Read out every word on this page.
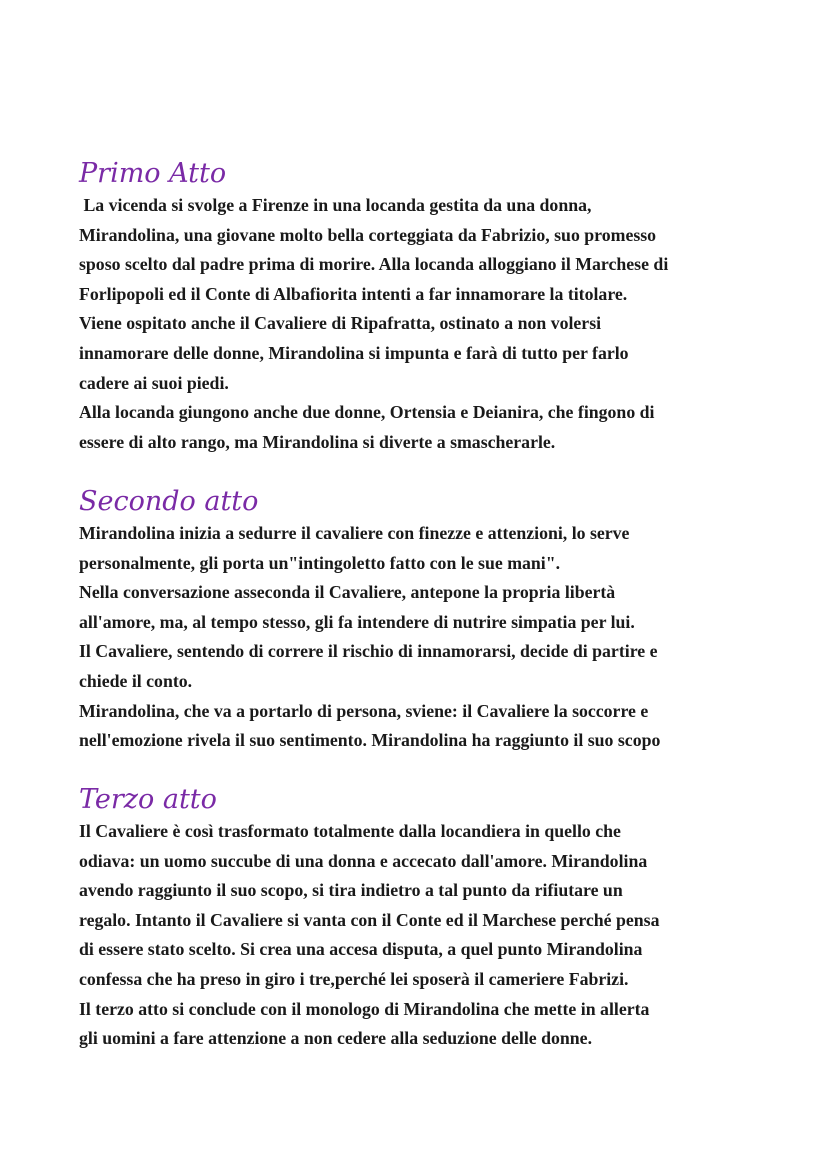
Primo Atto
La vicenda si svolge a Firenze in una locanda gestita da una donna,
Mirandolina, una giovane molto bella corteggiata da Fabrizio, suo promesso
sposo scelto dal padre prima di morire. Alla locanda alloggiano il Marchese di
Forlipopoli ed il Conte di Albafiorita intenti a far innamorare la titolare.
Viene ospitato anche il Cavaliere di Ripafratta, ostinato a non volersi
innamorare delle donne, Mirandolina si impunta e farà di tutto per farlo
cadere ai suoi piedi.
Alla locanda giungono anche due donne, Ortensia e Deianira, che fingono di
essere di alto rango, ma Mirandolina si diverte a smascherarle.
Secondo atto
Mirandolina inizia a sedurre il cavaliere con finezze e attenzioni, lo serve
personalmente, gli porta un"intingoletto fatto con le sue mani".
Nella conversazione asseconda il Cavaliere, antepone la propria libertà
all'amore, ma, al tempo stesso, gli fa intendere di nutrire simpatia per lui.
Il Cavaliere, sentendo di correre il rischio di innamorarsi, decide di partire e
chiede il conto.
Mirandolina, che va a portarlo di persona, sviene: il Cavaliere la soccorre e
nell'emozione rivela il suo sentimento. Mirandolina ha raggiunto il suo scopo
Terzo atto
Il Cavaliere è così trasformato totalmente dalla locandiera in quello che
odiava: un uomo succube di una donna e accecato dall'amore. Mirandolina
avendo raggiunto il suo scopo, si tira indietro a tal punto da rifiutare un
regalo. Intanto il Cavaliere si vanta con il Conte ed il Marchese perché pensa
di essere stato scelto. Si crea una accesa disputa, a quel punto Mirandolina
confessa che ha preso in giro i tre,perché lei sposerà il cameriere Fabrizi.
Il terzo atto si conclude con il monologo di Mirandolina che mette in allerta
gli uomini a fare attenzione a non cedere alla seduzione delle donne.
